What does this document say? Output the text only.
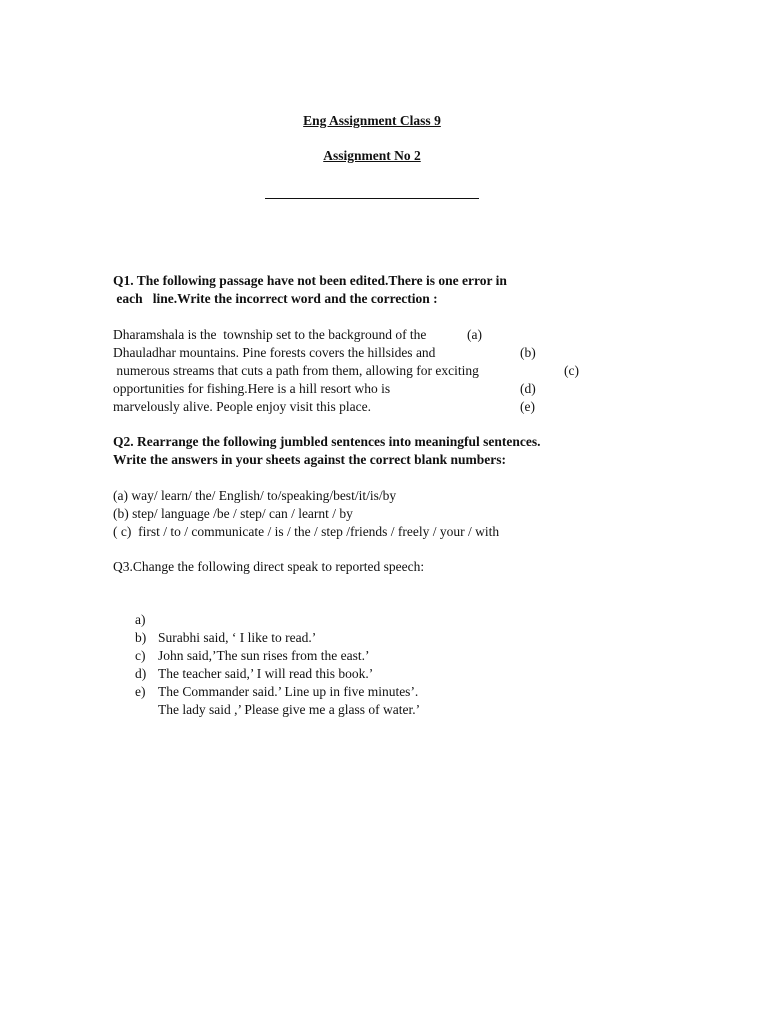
Eng Assignment Class 9
Assignment No 2
Q1. The following passage have not been edited.There is one error in
each   line.Write the incorrect word and the correction :
Dharamshala is the  township set to the background of the	(a)
Dhauladhar mountains. Pine forests covers the hillsides and	(b)
numerous streams that cuts a path from them, allowing for exciting	(c)
opportunities for fishing.Here is a hill resort who is	(d)
marvelously alive. People enjoy visit this place.	(e)
Q2. Rearrange the following jumbled sentences into meaningful sentences.
Write the answers in your sheets against the correct blank numbers:
(a) way/ learn/ the/ English/ to/speaking/best/it/is/by
(b) step/ language /be / step/ can / learnt / by
( c)  first / to / communicate / is / the / step /friends / freely / your / with
Q3.Change the following direct speak to reported speech:

a)

Surabhi said, ‘ I like to read.’

b)

John said,’The sun rises from the east.’

c)

The teacher said,’ I will read this book.’

d)

The Commander said.’ Line up in five minutes’.

e)

The lady said ,’ Please give me a glass of water.’
